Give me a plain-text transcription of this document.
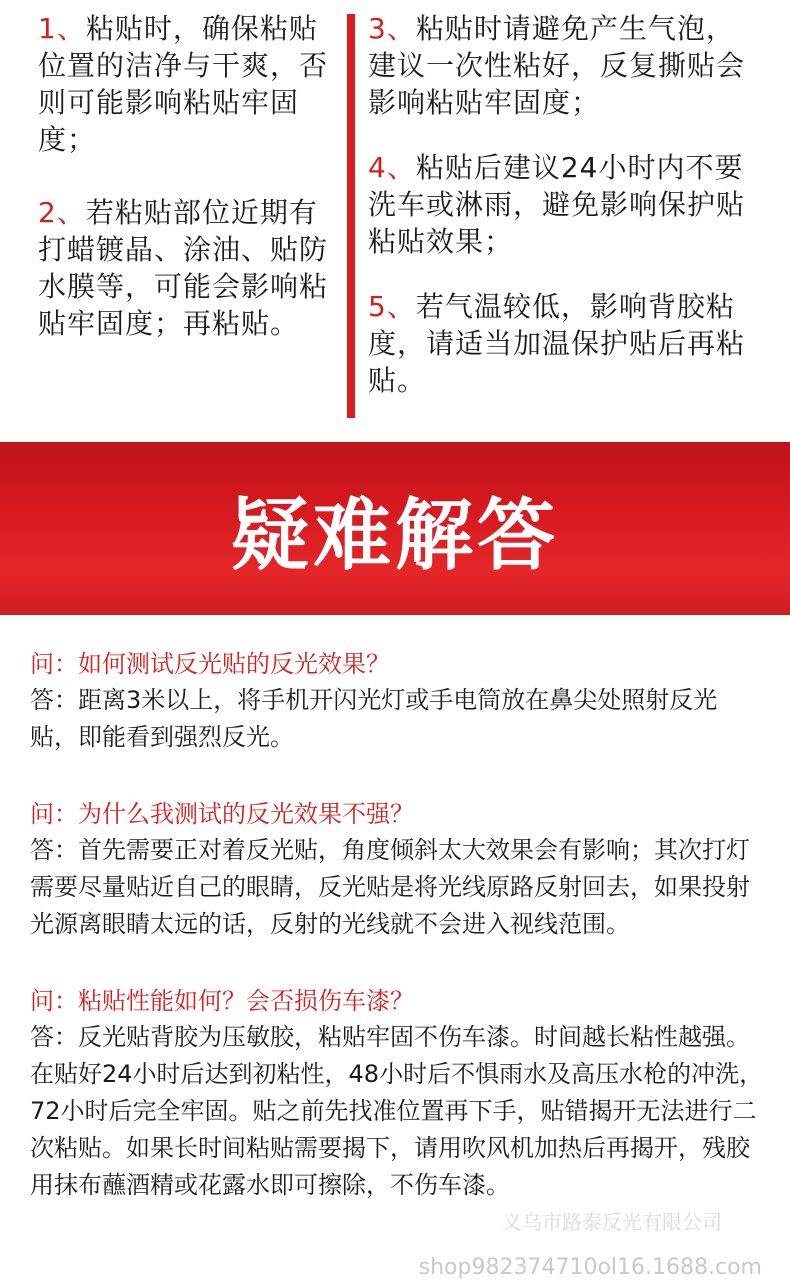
1、粘贴时，确保粘贴位置的洁净与干爽，否则可能影响粘贴牢固度；

2、若粘贴部位近期有打蜡镀晶、涂油、贴防水膜等，可能会影响粘贴牢固度；再粘贴。

3、粘贴时请避免产生气泡，建议一次性粘好，反复撕贴会影响粘贴牢固度；

4、粘贴后建议24小时内不要洗车或淋雨，避免影响保护贴粘贴效果；

5、若气温较低，影响背胶粘度，请适当加温保护贴后再粘贴。

疑难解答
问：如何测试反光贴的反光效果？
答：距离3米以上，将手机开闪光灯或手电筒放在鼻尖处照射反光贴，即能看到强烈反光。
问：为什么我测试的反光效果不强？
答：首先需要正对着反光贴，角度倾斜太大效果会有影响；其次打灯需要尽量贴近自己的眼睛，反光贴是将光线原路反射回去，如果投射光源离眼睛太远的话，反射的光线就不会进入视线范围。
问：粘贴性能如何？会否损伤车漆？
答：反光贴背胶为压敏胶，粘贴牢固不伤车漆。时间越长粘性越强。在贴好24小时后达到初粘性，48小时后不惧雨水及高压水枪的冲洗，72小时后完全牢固。贴之前先找准位置再下手，贴错揭开无法进行二次粘贴。如果长时间粘贴需要揭下，请用吹风机加热后再揭开，残胶用抹布蘸酒精或花露水即可擦除，不伤车漆。
义乌市路泰反光有限公司
shop982374710ol16.1688.com
